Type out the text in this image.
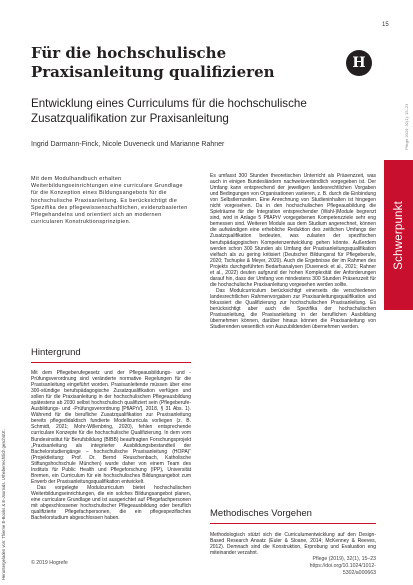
Heruntergeladen von: Thieme E-Books & E-Journals. Urheberrechtlich geschützt.
Pflege 2019; 32(1): 15–23
15
Schwerpunkt
Für die hochschulische Praxisanleitung qualifizieren	H
Entwicklung eines Curriculums für die hochschulische Zusatzqualifikation zur Praxisanleitung
Ingrid Darmann-Finck, Nicole Duveneck und Marianne Rahner

Mit dem Modulhandbuch erhalten Weiterbildungseinrichtungen eine curriculare Grundlage für die Konzeption eines Bildungsangebots für die hochschulische Praxisanleitung. Es berücksichtigt die Spezifika des pflegewissenschaftlichen, evidenzbasierten Pflegehandelns und orientiert sich an modernen curricularen Konstruktionsprinzipien.

Hintergrund

Mit dem Pflegeberufegesetz und der Pflegeausbildungs- und -Prüfungsverordnung sind veränderte normative Regelungen für die Praxisanleitung eingeführt worden. Praxisanleitende müssen über eine 300-stündige berufspädagogische Zusatzqualifikation verfügen und sollen für die Praxisanleitung in der hochschulischen Pflegeausbildung spätestens ab 2030 selbst hochschulisch qualifiziert sein (Pflegeberufe-Ausbildungs- und -Prüfungsverordnung [PflAPrV], 2018, § 31 Abs. 1). Während für die berufliche Zusatzqualifikation zur Praxisanleitung bereits pflegedidaktisch fundierte Modellcurricula vorliegen (z. B. Schmidt, 2021; Mohr-Willenbring, 2020), fehlen entsprechende curriculare Konzepte für die hochschulische Qualifizierung. In dem vom Bundesinstitut für Berufsbildung (BIBB) beauftragten Forschungsprojekt „Praxisanleitung als integrierter Ausbildungsbestandteil der Bachelorstudiengänge – hochschulische Praxisanleitung (HOPA)“ (Projektleitung: Prof. Dr. Bernd Reuschenbach, Katholische Stiftungshochschule München) wurde daher von einem Team des Instituts für Public Health und Pflegeforschung (IPP), Universität Bremen, ein Curriculum für ein hochschulisches Bildungsangebot zum Erwerb der Praxisanleitungsqualifikation entwickelt.

Das vorgelegte Modulcurriculum bietet hochschulischen Weiterbildungseinrichtungen, die ein solches Bildungsangebot planen, eine curriculare Grundlage und ist ausgerichtet auf Pflegefachpersonen mit abgeschlossener hochschulischer Pflegeausbildung oder beruflich qualifizierte Pflegefachpersonen, die ein pflegespezifisches Bachelorstudium abgeschlossen haben.

Es umfasst 300 Stunden theoretischen Unterricht als Präsenzzeit, was auch in einigen Bundesländern nachweisverbindlich vorgegeben ist. Der Umfang kann entsprechend der jeweiligen landesrechtlichen Vorgaben und Bedingungen von Organisationen variieren, z. B. durch die Einbindung von Selbstlernzeiten. Eine Anrechnung von Studieninhalten ist hingegen nicht vorgesehen. Da in den hochschulischen Pflegeausbildung die Spielräume für die Integration entsprechender (Wahl-)Module begrenzt sind, wird in Anlage 5 PflAPrV vorgegebenen Kompetenzziele sehr eng bemessen sind. Weiteren Module aus dem Studium angerechnet, können die aufwändigen eine erhebliche Reduktion des zeitlichen Umfangs der Zusatzqualifikation bedeuten, was zulasten der spezifischen berufspädagogischen Kompetenzentwicklung gehen könnte. Außerdem werden schon 300 Stunden als Umfang der Praxisanleitungsqualifikation vielfach als zu gering kritisiert (Deutscher Bildungsrat für Pflegeberufe, 2020; Tschupke & Meyer, 2020). Auch die Ergebnisse der im Rahmen des Projekts durchgeführten Bedarfsanalysen (Duveneck et al., 2021; Rahner et al., 2022) deuten aufgrund der hohen Komplexität der Anforderungen darauf hin, dass der Umfang von mindestens 300 Stunden Präsenzzeit für die hochschulische Praxisanleitung vorgesehen werden sollte.

Das Modulcurriculum berücksichtigt einerseits die verschiedenen landesrechtlichen Rahmenvorgaben zur Praxisanleitungsqualifikation und fokussiert die Qualifizierung zur hochschulischen Praxisanleitung. Es berücksichtigt aber auch die Spezifika der hochschulischen Praxisanleitung, die Praxisanleitung in der beruflichen Ausbildung übernehmen können, darüber hinaus können die Praxisanleitung von Studierenden wesentlich von Auszubildenden übernehmen werden.

Methodisches Vorgehen

Methodologisch stützt sich die Curriculumentwicklung auf den Design-Based Research Ansatz (Euler & Sloane, 2014; McKenney & Reeves, 2012). Demnach sind die Konstruktion, Erprobung und Evaluation eng miteinander verzahnt.

© 2019 Hogrefe
Pflege (2019), 32(1), 15–23
https://doi.org/10.1024/1012-5302/a000663
